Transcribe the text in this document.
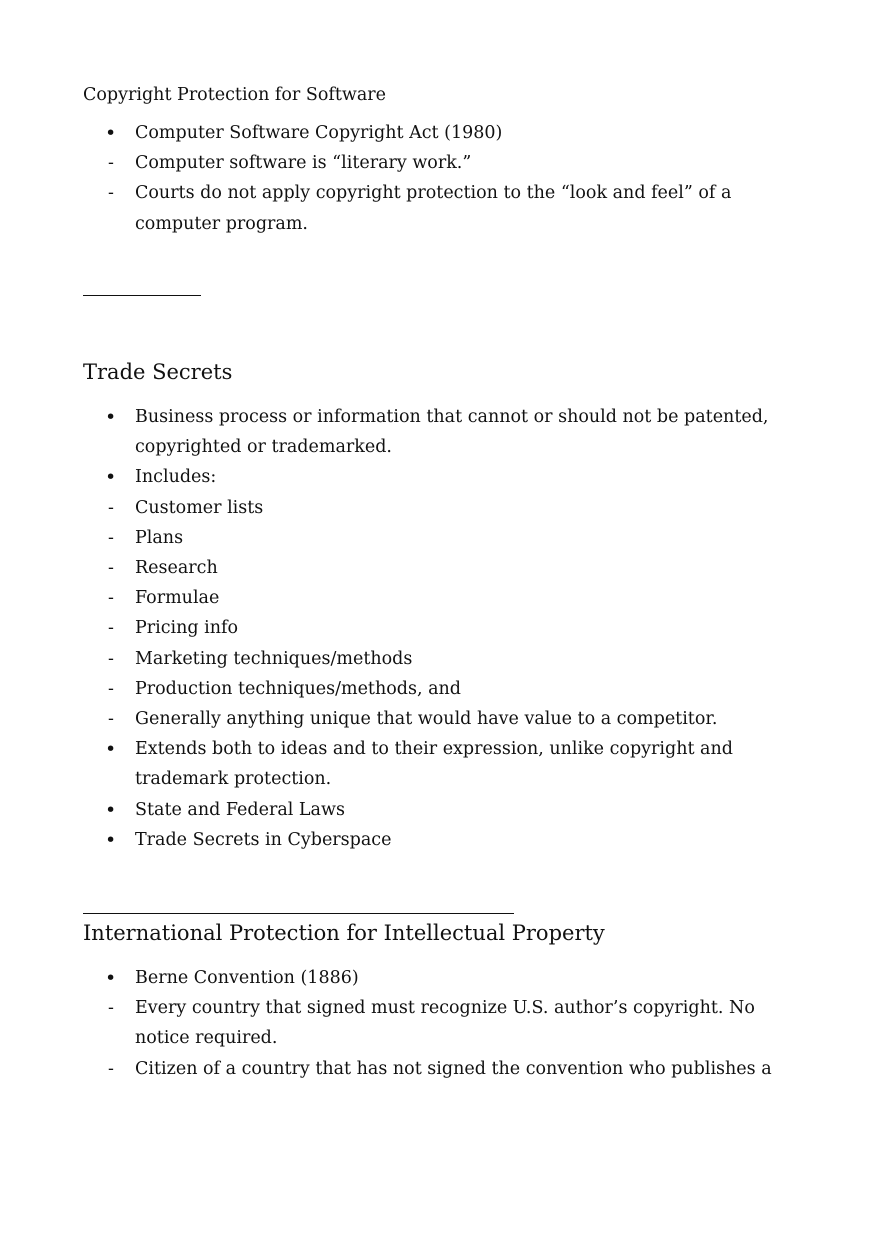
Copyright Protection for Software
•	Computer Software Copyright Act (1980)
-	Computer software is “literary work.”
-	Courts do not apply copyright protection to the “look and feel” of a computer program.
Trade Secrets
•	Business process or information that cannot or should not be patented, copyrighted or trademarked.
•	Includes:
-	Customer lists
-	Plans
-	Research
-	Formulae
-	Pricing info
-	Marketing techniques/methods
-	Production techniques/methods, and
-	Generally anything unique that would have value to a competitor.
•	Extends both to ideas and to their expression, unlike copyright and trademark protection.
•	State and Federal Laws
•	Trade Secrets in Cyberspace
International Protection for Intellectual Property
•	Berne Convention (1886)
-	Every country that signed must recognize U.S. author’s copyright. No notice required.
-	Citizen of a country that has not signed the convention who publishes a
